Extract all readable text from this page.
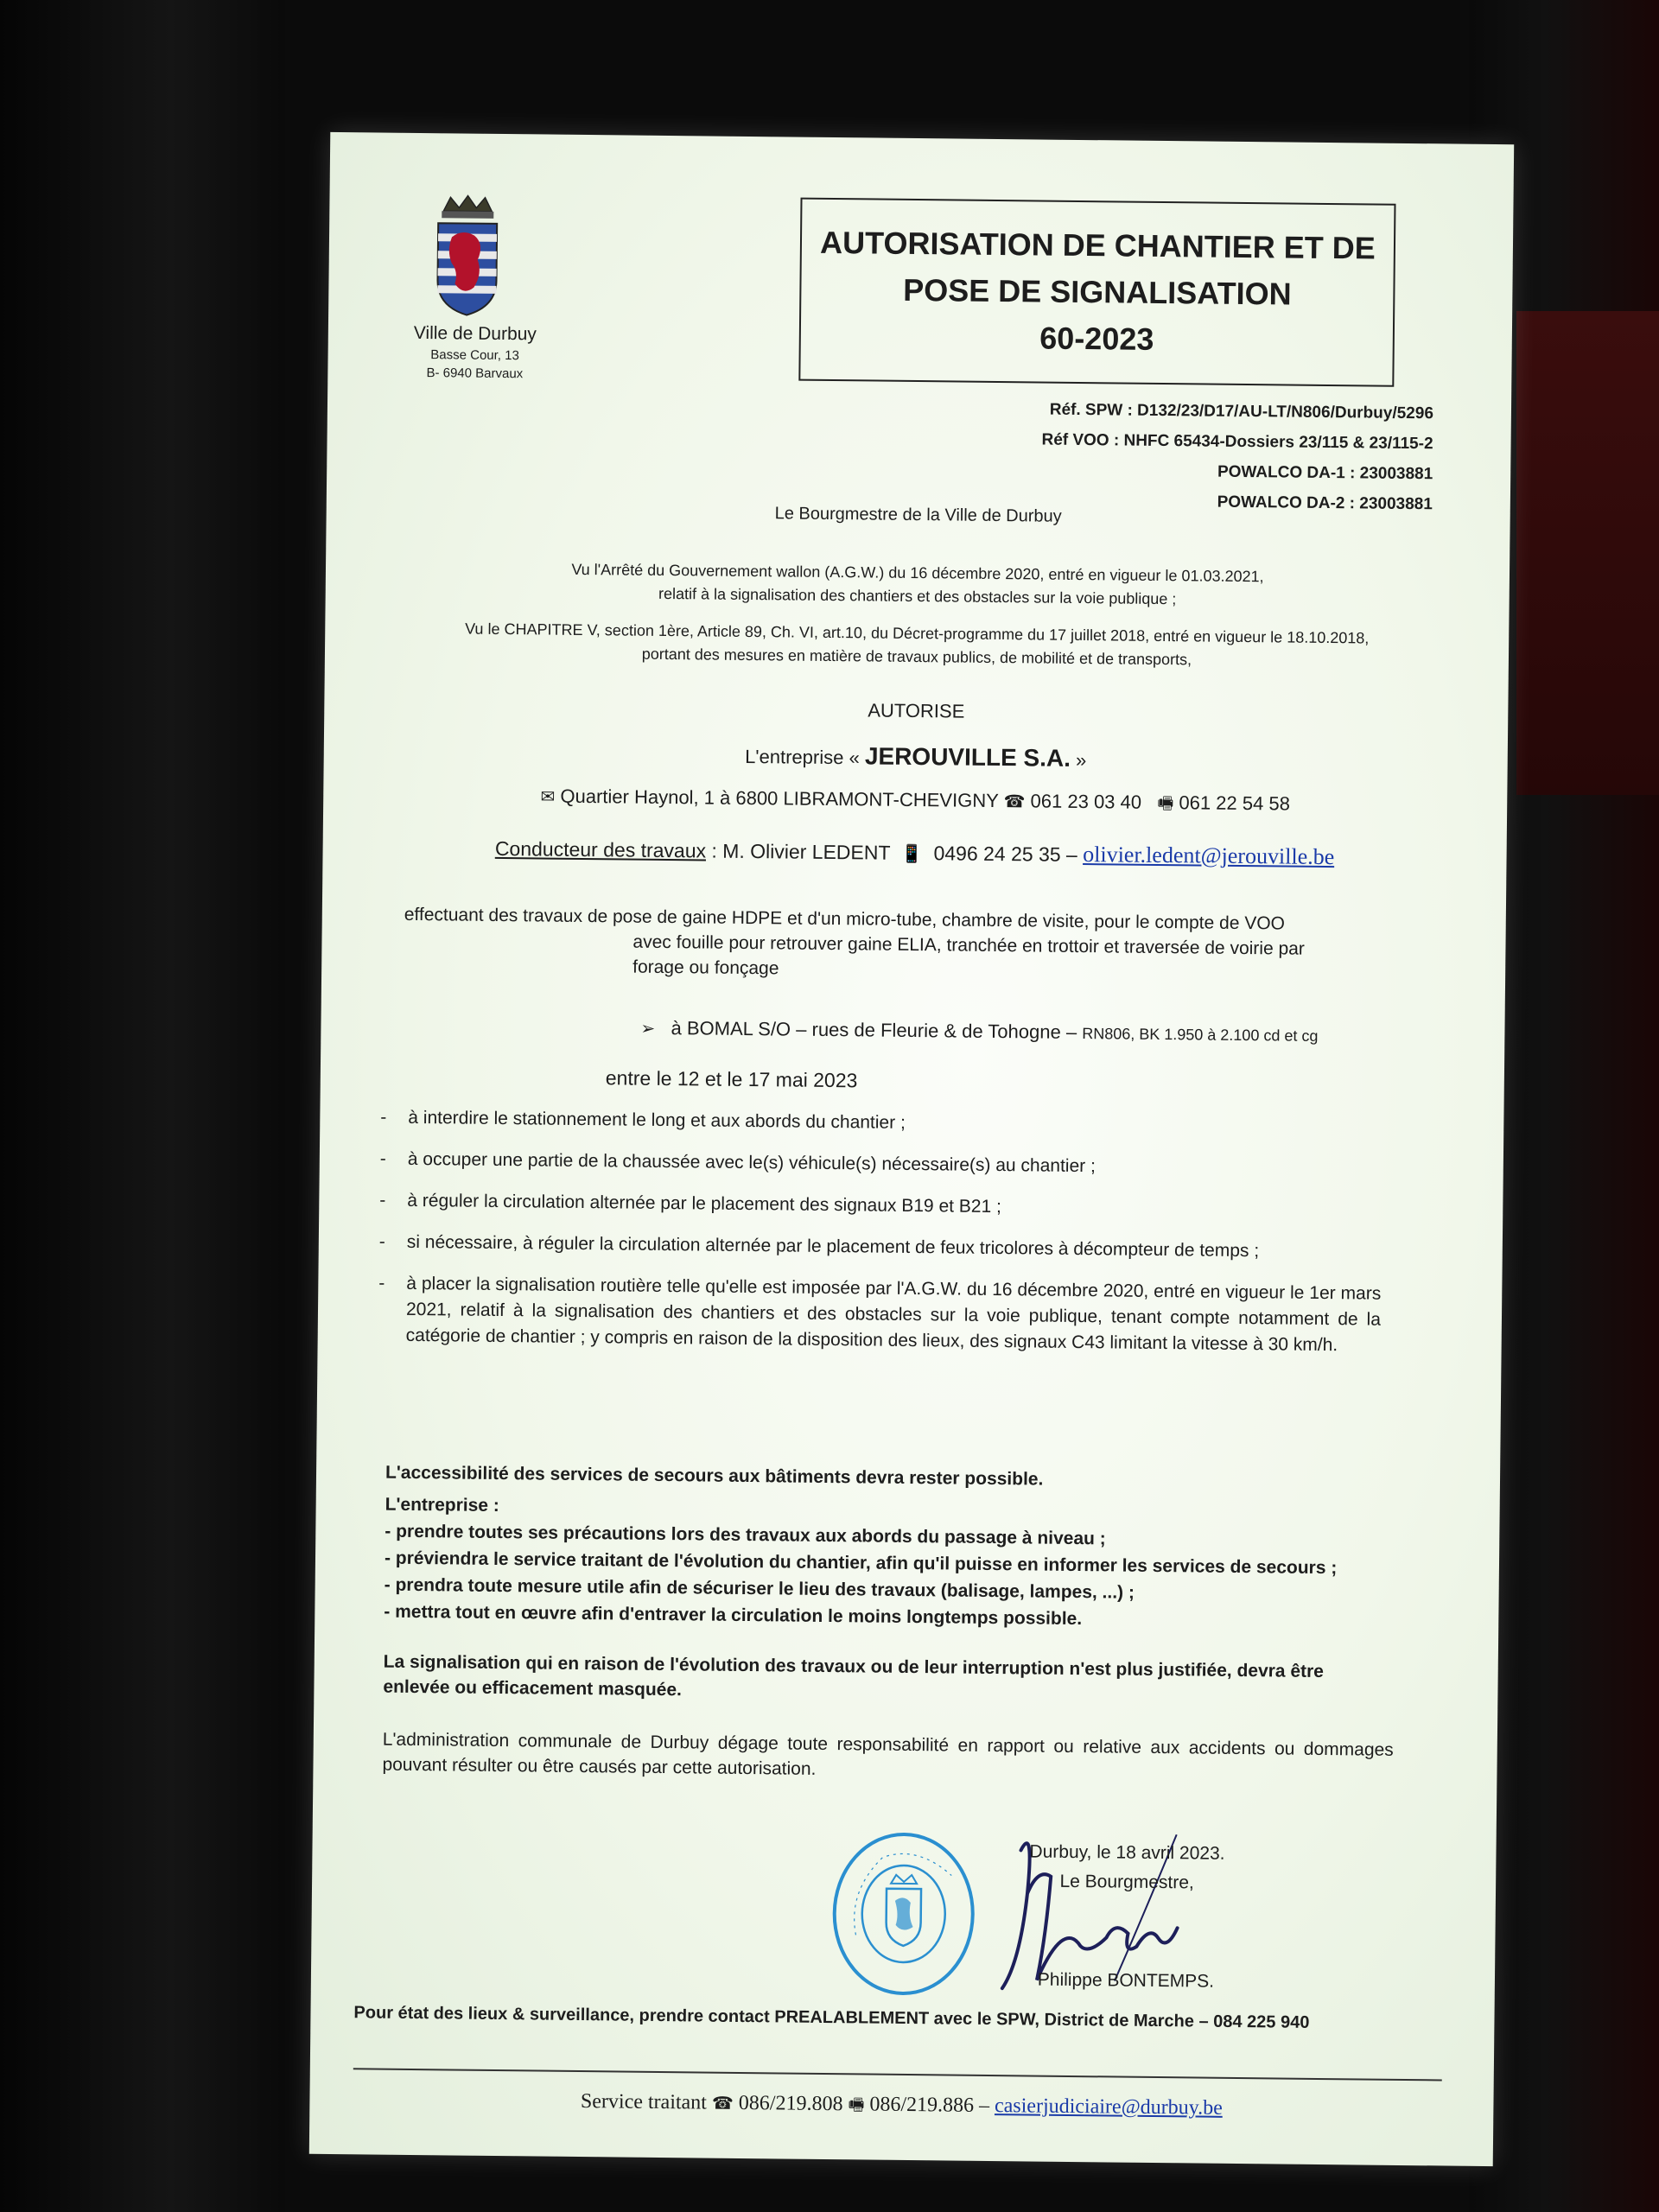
Ville de Durbuy
Basse Cour, 13
B- 6940 Barvaux
AUTORISATION DE CHANTIER ET DE
POSE DE SIGNALISATION
60-2023
Réf. SPW : D132/23/D17/AU-LT/N806/Durbuy/5296
Réf VOO : NHFC 65434-Dossiers 23/115 & 23/115-2
POWALCO DA-1 : 23003881
POWALCO DA-2 : 23003881
Le Bourgmestre de la Ville de Durbuy
Vu l'Arrêté du Gouvernement wallon (A.G.W.) du 16 décembre 2020, entré en vigueur le 01.03.2021,
relatif à la signalisation des chantiers et des obstacles sur la voie publique ;
Vu le CHAPITRE V, section 1ère, Article 89, Ch. VI, art.10, du Décret-programme du 17 juillet 2018, entré en vigueur le 18.10.2018,
portant des mesures en matière de travaux publics, de mobilité et de transports,
AUTORISE
L'entreprise « JEROUVILLE S.A. »
✉ Quartier Haynol, 1 à 6800 LIBRAMONT-CHEVIGNY ☎ 061 23 03 40 🖷 061 22 54 58
Conducteur des travaux : M. Olivier LEDENT 📱 0496 24 25 35 – olivier.ledent@jerouville.be
effectuant des travaux de pose de gaine HDPE et d'un micro-tube, chambre de visite, pour le compte de VOO
avec fouille pour retrouver gaine ELIA, tranchée en trottoir et traversée de voirie par
forage ou fonçage
➢ à BOMAL S/O – rues de Fleurie & de Tohogne – RN806, BK 1.950 à 2.100 cd et cg
entre le 12 et le 17 mai 2023
-	à interdire le stationnement le long et aux abords du chantier ;
-	à occuper une partie de la chaussée avec le(s) véhicule(s) nécessaire(s) au chantier ;
-	à réguler la circulation alternée par le placement des signaux B19 et B21 ;
-	si nécessaire, à réguler la circulation alternée par le placement de feux tricolores à décompteur de temps ;
-	à placer la signalisation routière telle qu'elle est imposée par l'A.G.W. du 16 décembre 2020, entré en vigueur le 1er mars 2021, relatif à la signalisation des chantiers et des obstacles sur la voie publique, tenant compte notamment de la catégorie de chantier ; y compris en raison de la disposition des lieux, des signaux C43 limitant la vitesse à 30 km/h.
L'accessibilité des services de secours aux bâtiments devra rester possible.
L'entreprise :
- prendre toutes ses précautions lors des travaux aux abords du passage à niveau ;
- préviendra le service traitant de l'évolution du chantier, afin qu'il puisse en informer les services de secours ;
- prendra toute mesure utile afin de sécuriser le lieu des travaux (balisage, lampes, ...) ;
- mettra tout en œuvre afin d'entraver la circulation le moins longtemps possible.
La signalisation qui en raison de l'évolution des travaux ou de leur interruption n'est plus justifiée, devra être enlevée ou efficacement masquée.
L'administration communale de Durbuy dégage toute responsabilité en rapport ou relative aux accidents ou dommages pouvant résulter ou être causés par cette autorisation.
Durbuy, le 18 avril 2023.
Le Bourgmestre,
Philippe BONTEMPS.
Pour état des lieux & surveillance, prendre contact PREALABLEMENT avec le SPW, District de Marche – 084 225 940
Service traitant ☎ 086/219.808 🖷 086/219.886 – casierjudiciaire@durbuy.be
